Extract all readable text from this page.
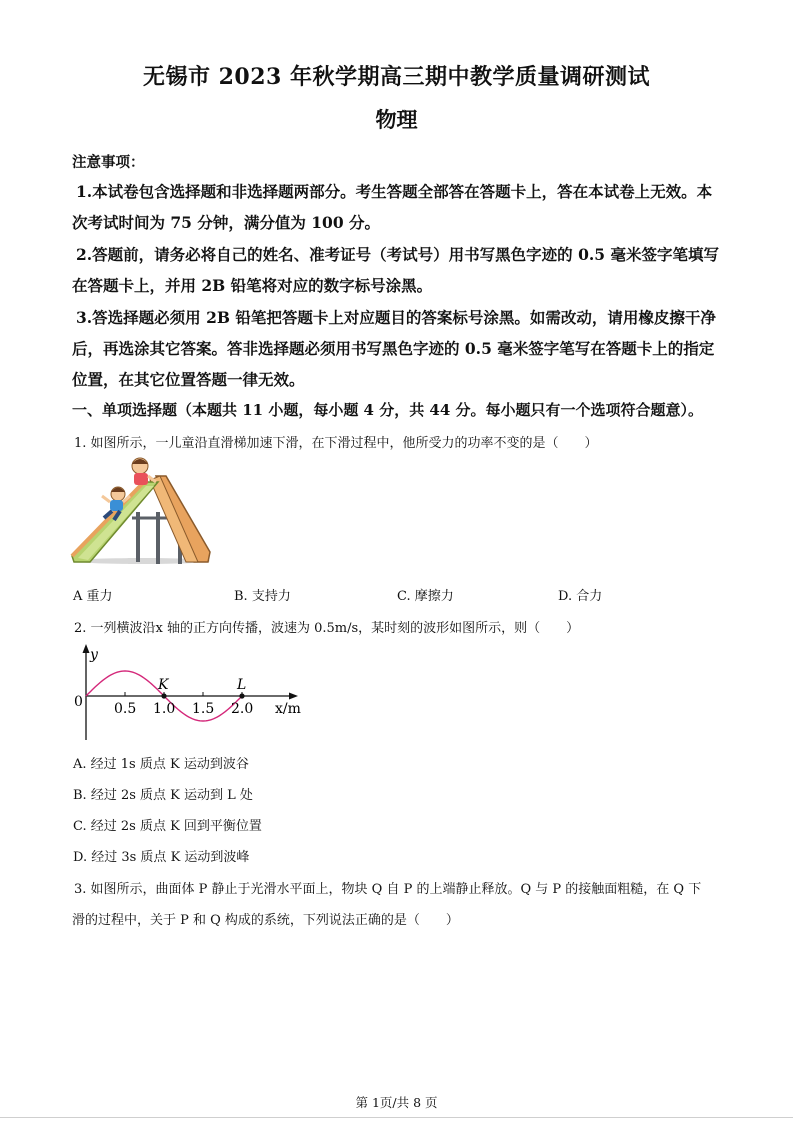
无锡市 2023 年秋学期高三期中教学质量调研测试
物理
注意事项：
1.本试卷包含选择题和非选择题两部分。考生答题全部答在答题卡上，答在本试卷上无效。本
次考试时间为 75 分钟，满分值为 100 分。
2.答题前，请务必将自己的姓名、准考证号（考试号）用书写黑色字迹的 0.5 毫米签字笔填写
在答题卡上，并用 2B 铅笔将对应的数字标号涂黑。
3.答选择题必须用 2B 铅笔把答题卡上对应题目的答案标号涂黑。如需改动，请用橡皮擦干净
后，再选涂其它答案。答非选择题必须用书写黑色字迹的 0.5 毫米签字笔写在答题卡上的指定
位置，在其它位置答题一律无效。
一、单项选择题（本题共 11 小题，每小题 4 分，共 44 分。每小题只有一个选项符合题意）。
1. 如图所示，一儿童沿直滑梯加速下滑，在下滑过程中，他所受力的功率不变的是（　　）
A 重力	B. 支持力	C. 摩擦力	D. 合力
2. 一列横波沿x 轴的正方向传播，波速为 0.5m/s，某时刻的波形如图所示，则（　　）
y
0
K	L
0.5 1.0 1.5 2.0 x/m
A. 经过 1s 质点 K 运动到波谷
B. 经过 2s 质点 K 运动到 L 处
C. 经过 2s 质点 K 回到平衡位置
D. 经过 3s 质点 K 运动到波峰
3. 如图所示，曲面体 P 静止于光滑水平面上，物块 Q 自 P 的上端静止释放。Q 与 P 的接触面粗糙，在 Q 下
滑的过程中，关于 P 和 Q 构成的系统，下列说法正确的是（　　）
第 1页/共 8 页
